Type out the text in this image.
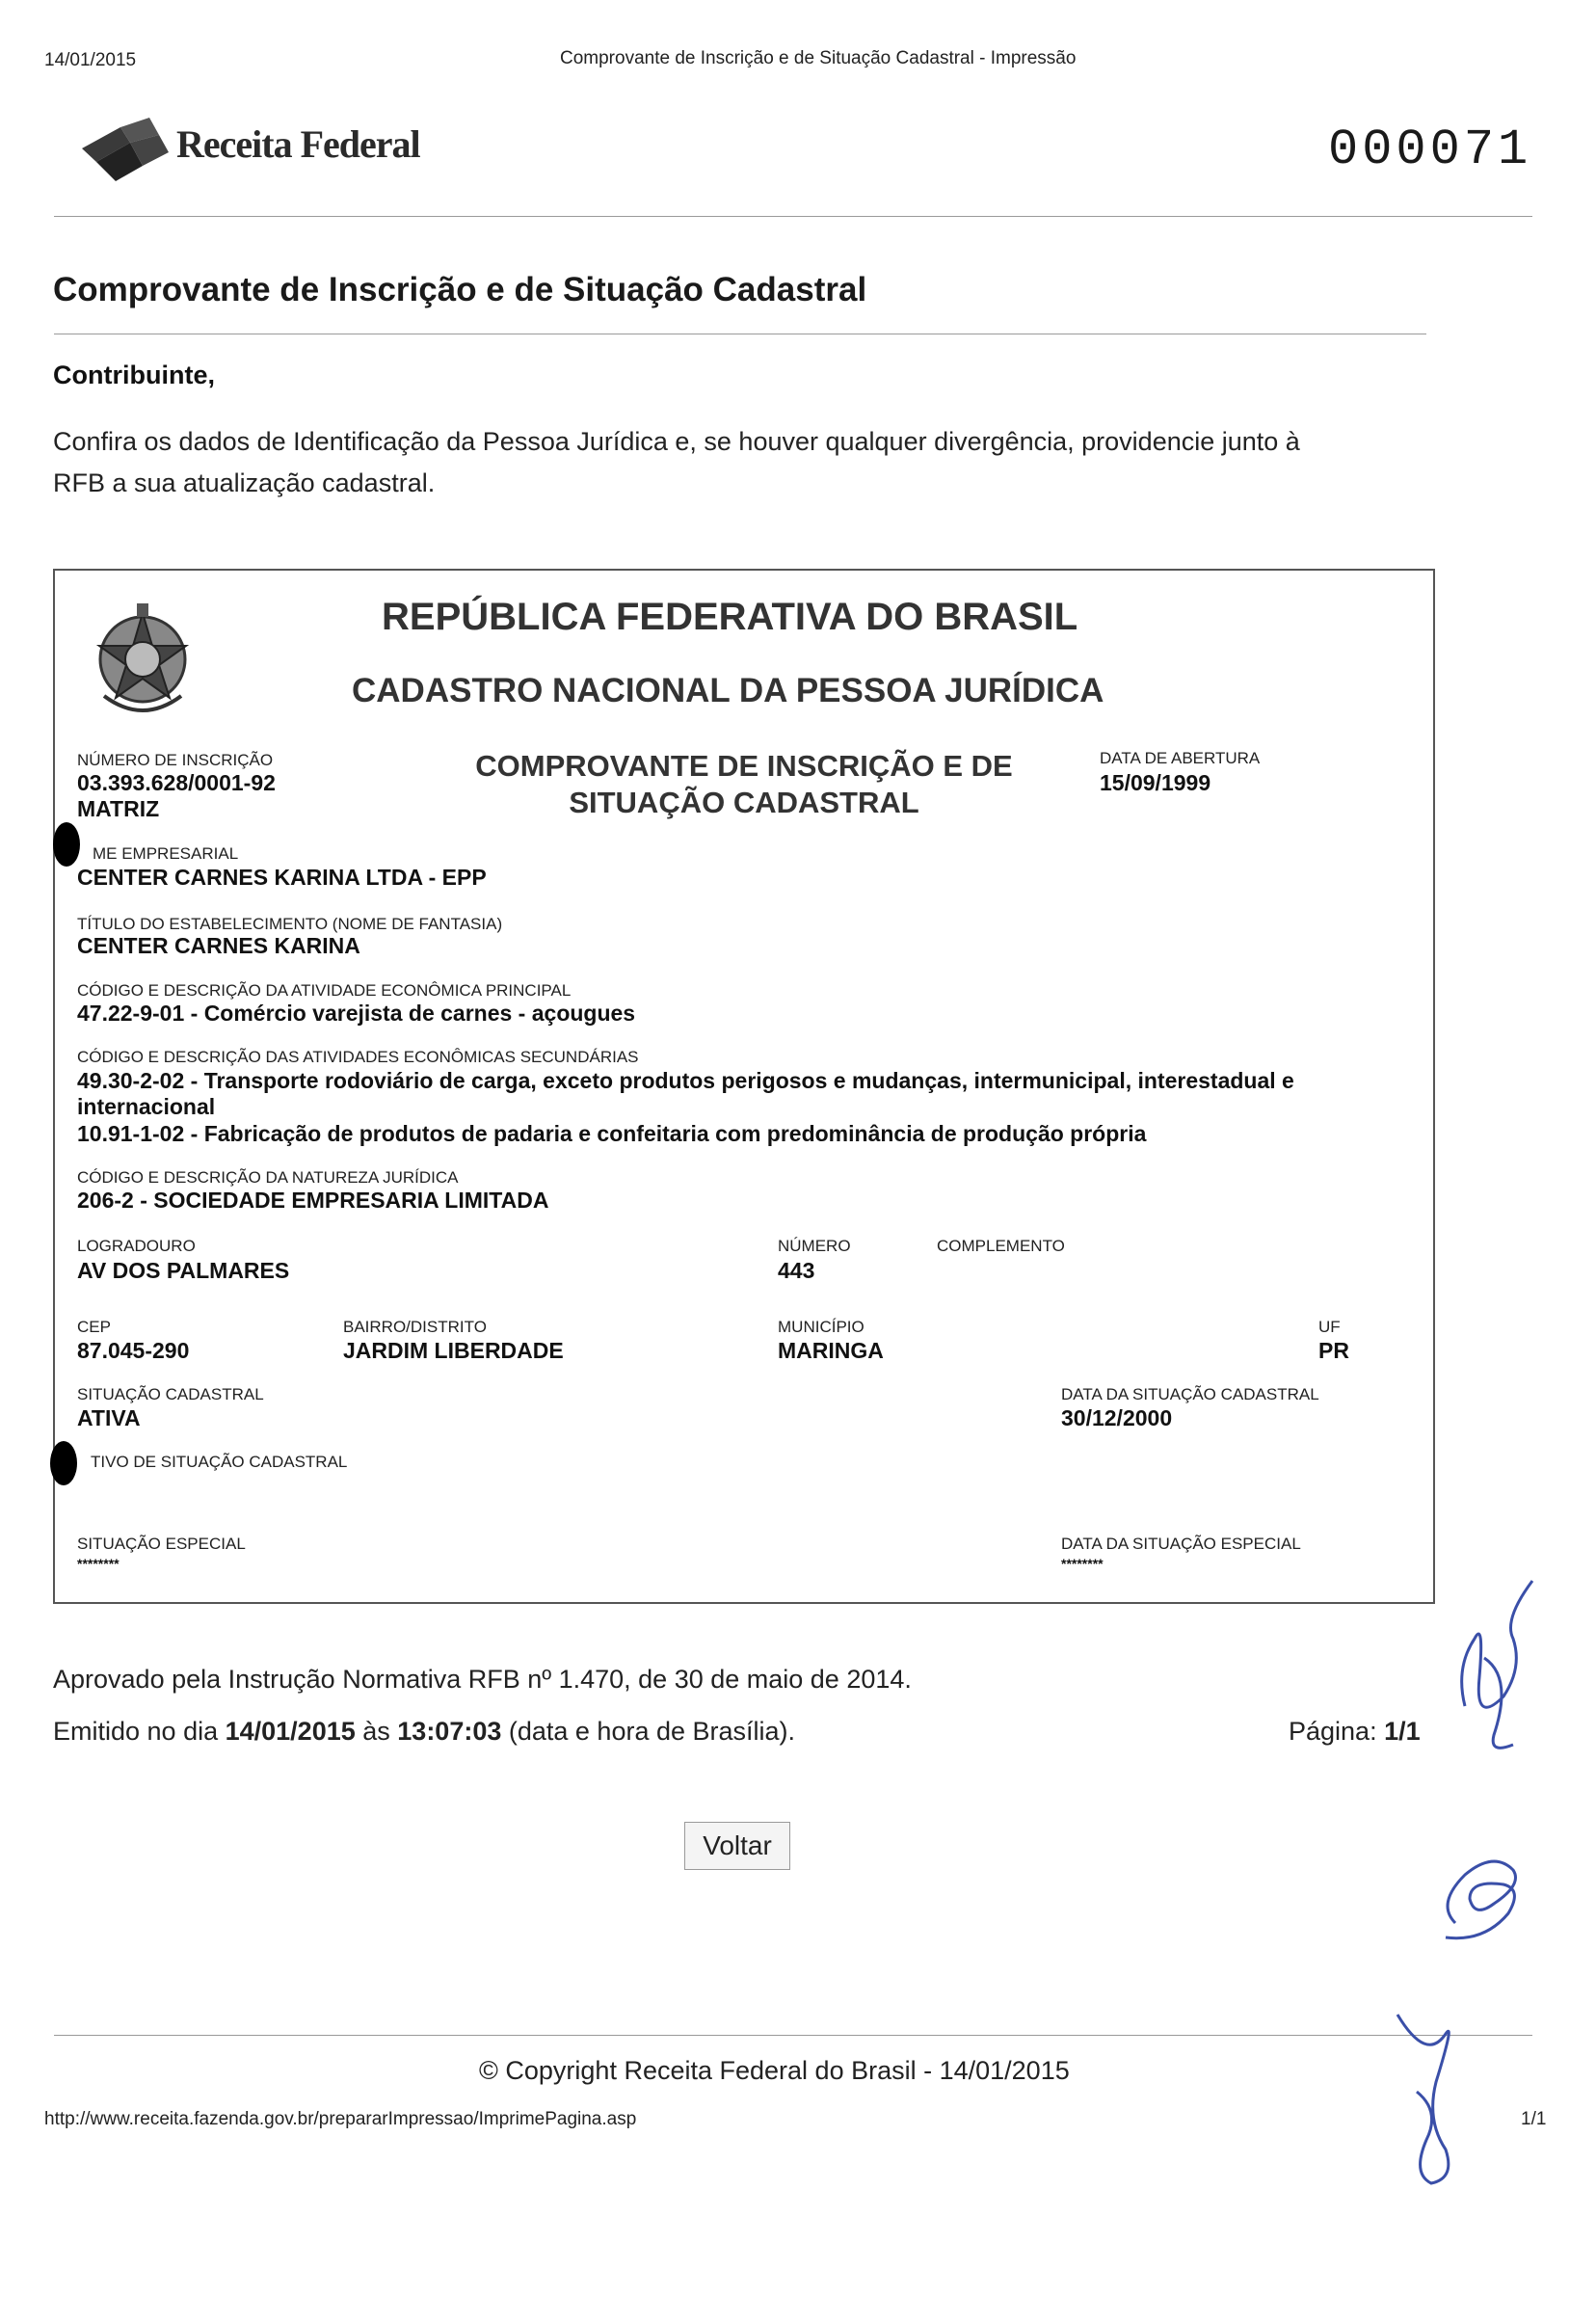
14/01/2015	Comprovante de Inscrição e de Situação Cadastral - Impressão
Receita Federal	000071
Comprovante de Inscrição e de Situação Cadastral
Contribuinte,
Confira os dados de Identificação da Pessoa Jurídica e, se houver qualquer divergência, providencie junto à
RFB a sua atualização cadastral.
REPÚBLICA FEDERATIVA DO BRASIL
CADASTRO NACIONAL DA PESSOA JURÍDICA
NÚMERO DE INSCRIÇÃO
03.393.628/0001-92
MATRIZ
COMPROVANTE DE INSCRIÇÃO E DE
SITUAÇÃO CADASTRAL
DATA DE ABERTURA
15/09/1999
ME EMPRESARIAL
CENTER CARNES KARINA LTDA - EPP
TÍTULO DO ESTABELECIMENTO (NOME DE FANTASIA)
CENTER CARNES KARINA
CÓDIGO E DESCRIÇÃO DA ATIVIDADE ECONÔMICA PRINCIPAL
47.22-9-01 - Comércio varejista de carnes - açougues
CÓDIGO E DESCRIÇÃO DAS ATIVIDADES ECONÔMICAS SECUNDÁRIAS
49.30-2-02 - Transporte rodoviário de carga, exceto produtos perigosos e mudanças, intermunicipal, interestadual e
internacional
10.91-1-02 - Fabricação de produtos de padaria e confeitaria com predominância de produção própria
CÓDIGO E DESCRIÇÃO DA NATUREZA JURÍDICA
206-2 - SOCIEDADE EMPRESARIA LIMITADA
LOGRADOURO
AV DOS PALMARES
NÚMERO
443
COMPLEMENTO
CEP
87.045-290
BAIRRO/DISTRITO
JARDIM LIBERDADE
MUNICÍPIO
MARINGA
UF
PR
SITUAÇÃO CADASTRAL
ATIVA
DATA DA SITUAÇÃO CADASTRAL
30/12/2000
TIVO DE SITUAÇÃO CADASTRAL
SITUAÇÃO ESPECIAL
********
DATA DA SITUAÇÃO ESPECIAL
********
Aprovado pela Instrução Normativa RFB nº 1.470, de 30 de maio de 2014.
Emitido no dia 14/01/2015 às 13:07:03 (data e hora de Brasília).	Página: 1/1
Voltar
© Copyright Receita Federal do Brasil - 14/01/2015
http://www.receita.fazenda.gov.br/prepararImpressao/ImprimePagina.asp	1/1
